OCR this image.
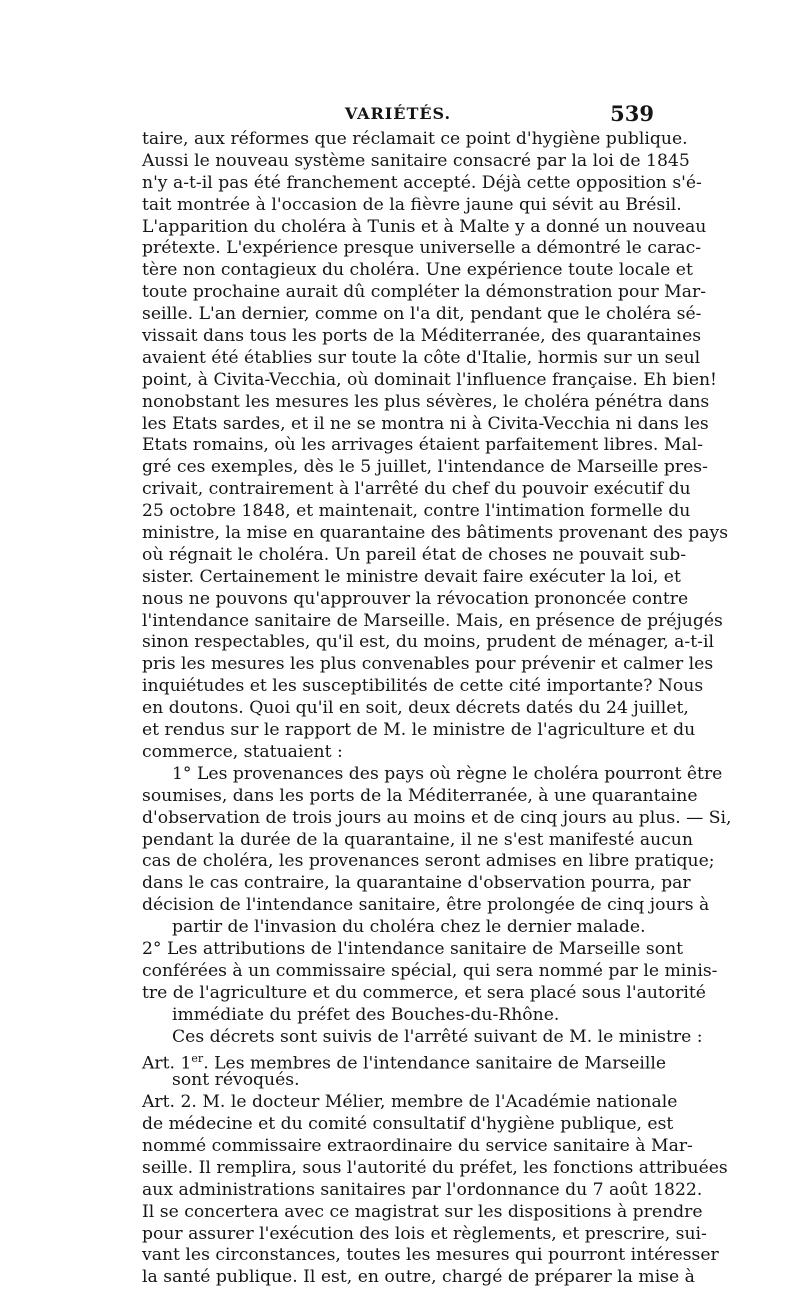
VARIÉTÉS.	539
taire, aux réformes que réclamait ce point d'hygiène publique.
Aussi le nouveau système sanitaire consacré par la loi de 1845
n'y a-t-il pas été franchement accepté. Déjà cette opposition s'é-
tait montrée à l'occasion de la fièvre jaune qui sévit au Brésil.
L'apparition du choléra à Tunis et à Malte y a donné un nouveau
prétexte. L'expérience presque universelle a démontré le carac-
tère non contagieux du choléra. Une expérience toute locale et
toute prochaine aurait dû compléter la démonstration pour Mar-
seille. L'an dernier, comme on l'a dit, pendant que le choléra sé-
vissait dans tous les ports de la Méditerranée, des quarantaines
avaient été établies sur toute la côte d'Italie, hormis sur un seul
point, à Civita-Vecchia, où dominait l'influence française. Eh bien!
nonobstant les mesures les plus sévères, le choléra pénétra dans
les Etats sardes, et il ne se montra ni à Civita-Vecchia ni dans les
Etats romains, où les arrivages étaient parfaitement libres. Mal-
gré ces exemples, dès le 5 juillet, l'intendance de Marseille pres-
crivait, contrairement à l'arrêté du chef du pouvoir exécutif du
25 octobre 1848, et maintenait, contre l'intimation formelle du
ministre, la mise en quarantaine des bâtiments provenant des pays
où régnait le choléra. Un pareil état de choses ne pouvait sub-
sister. Certainement le ministre devait faire exécuter la loi, et
nous ne pouvons qu'approuver la révocation prononcée contre
l'intendance sanitaire de Marseille. Mais, en présence de préjugés
sinon respectables, qu'il est, du moins, prudent de ménager, a-t-il
pris les mesures les plus convenables pour prévenir et calmer les
inquiétudes et les susceptibilités de cette cité importante? Nous
en doutons. Quoi qu'il en soit, deux décrets datés du 24 juillet,
et rendus sur le rapport de M. le ministre de l'agriculture et du
commerce, statuaient :
1° Les provenances des pays où règne le choléra pourront être
soumises, dans les ports de la Méditerranée, à une quarantaine
d'observation de trois jours au moins et de cinq jours au plus. — Si,
pendant la durée de la quarantaine, il ne s'est manifesté aucun
cas de choléra, les provenances seront admises en libre pratique;
dans le cas contraire, la quarantaine d'observation pourra, par
décision de l'intendance sanitaire, être prolongée de cinq jours à
partir de l'invasion du choléra chez le dernier malade.
2° Les attributions de l'intendance sanitaire de Marseille sont
conférées à un commissaire spécial, qui sera nommé par le minis-
tre de l'agriculture et du commerce, et sera placé sous l'autorité
immédiate du préfet des Bouches-du-Rhône.
Ces décrets sont suivis de l'arrêté suivant de M. le ministre :
Art. 1er. Les membres de l'intendance sanitaire de Marseille
sont révoqués.
Art. 2. M. le docteur Mélier, membre de l'Académie nationale
de médecine et du comité consultatif d'hygiène publique, est
nommé commissaire extraordinaire du service sanitaire à Mar-
seille. Il remplira, sous l'autorité du préfet, les fonctions attribuées
aux administrations sanitaires par l'ordonnance du 7 août 1822.
Il se concertera avec ce magistrat sur les dispositions à prendre
pour assurer l'exécution des lois et règlements, et prescrire, sui-
vant les circonstances, toutes les mesures qui pourront intéresser
la santé publique. Il est, en outre, chargé de préparer la mise à
